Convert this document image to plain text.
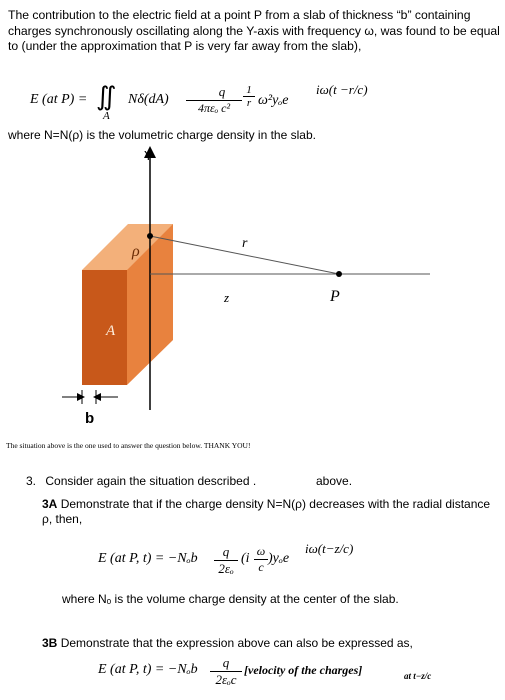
The contribution to the electric field at a point P from a slab of thickness “b” containing charges synchronously oscillating along the Y-axis with frequency ω, was found to be equal to (under the approximation that P is very far away from the slab),
E (at P) = ∬
A
Nδ(dA)
q
4πεₒ c²	$\frac{1}{r} \omega^2y_oe$
iω(t −r/c)
where N=N(ρ) is the volumetric charge density in the slab.
Y
ρ	r
z	P
A
b
The situation above is the one used to answer the question below. THANK YOU!
3. Consider again the situation described .	above.
3A Demonstrate that if the charge density N=N(ρ) decreases with the radial distance ρ, then,
E (at P, $t) = -N_ob \frac{q}{\text{2εₒ}} (i \frac{\omega}{c} )y_oe$
iω(t−z/c)
where Nₒ is the volume charge density at the center of the slab.
3B Demonstrate that the expression above can also be expressed as,
E (at P, t) = −Nₒb	q
2εₒc
[velocity of the charges]	at t−z/c
